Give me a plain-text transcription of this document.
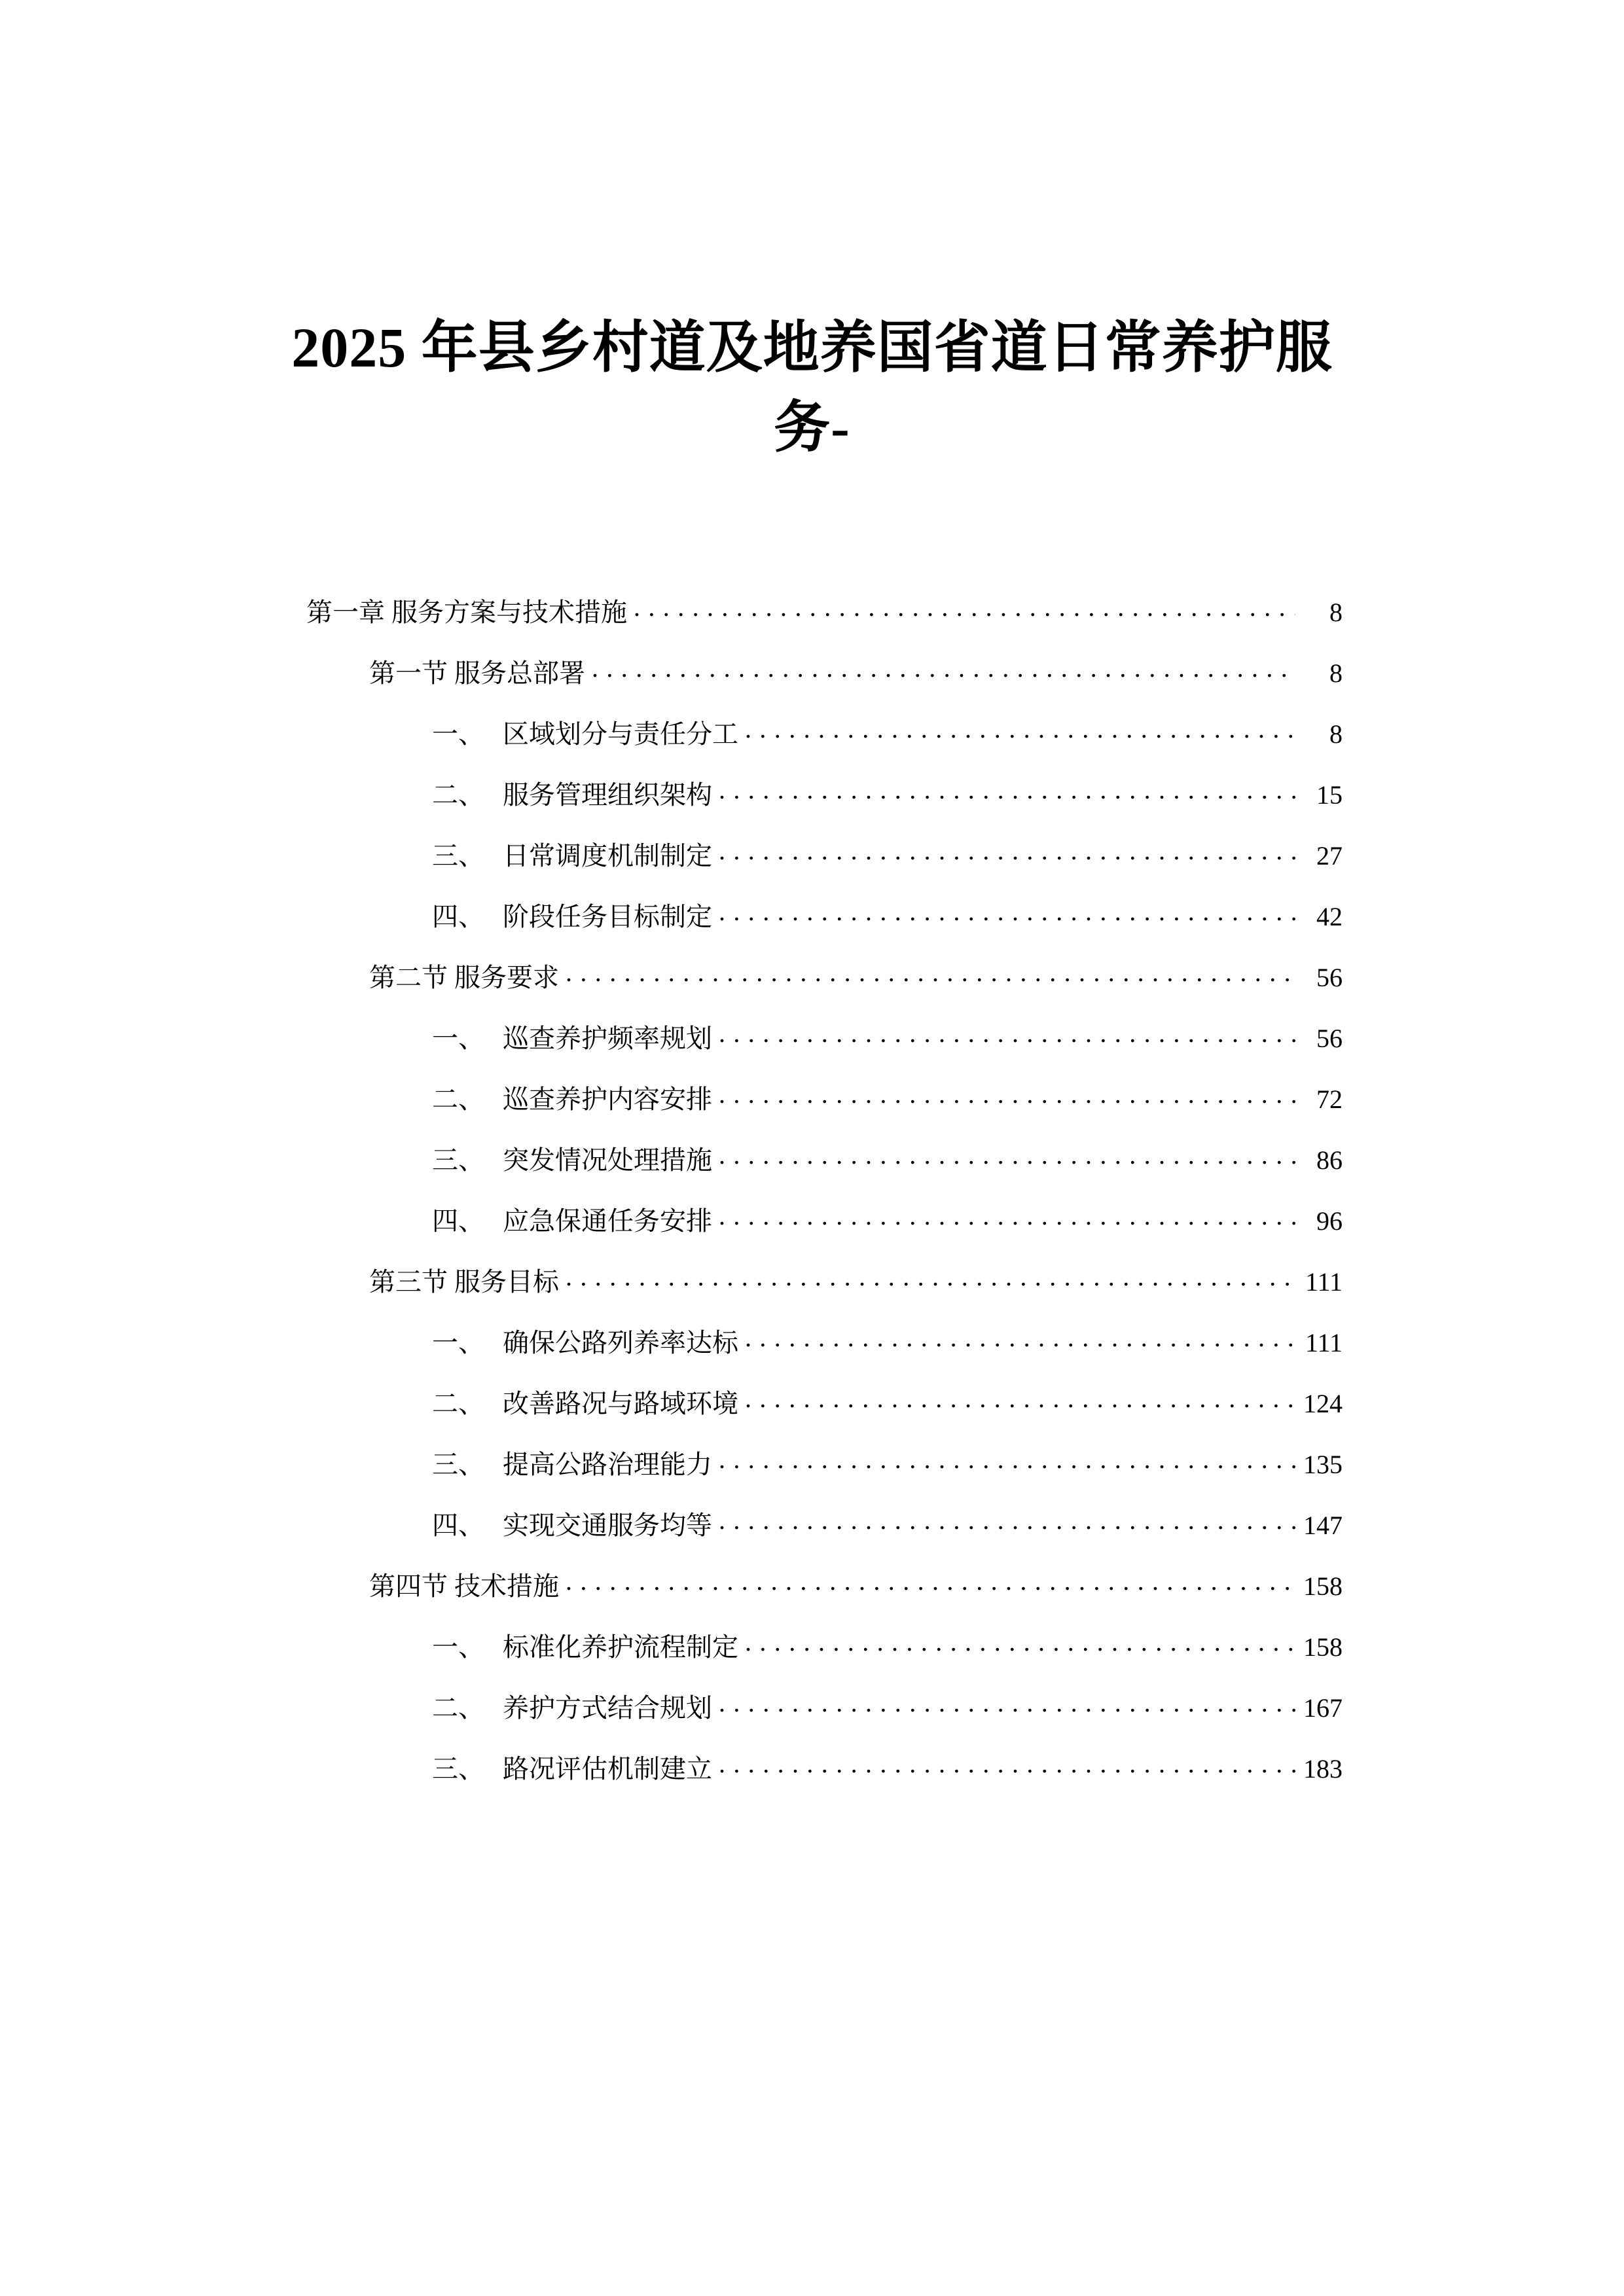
2025 年县乡村道及地养国省道日常养护服
务-
第一章 服务方案与技术措施 . . .	8
第一节 服务总部署 . . .	8
一、 区域划分与责任分工 . . .	8
二、 服务管理组织架构 . . .	15
三、 日常调度机制制定 . . .	27
四、 阶段任务目标制定 . . .	42
第二节 服务要求 . . .	56
一、 巡查养护频率规划 . . .	56
二、 巡查养护内容安排 . . .	72
三、 突发情况处理措施 . . .	86
四、 应急保通任务安排 . . .	96
第三节 服务目标 . . .	111
一、 确保公路列养率达标 . . .	111
二、 改善路况与路域环境 . . .	124
三、 提高公路治理能力 . . .	135
四、 实现交通服务均等 . . .	147
第四节 技术措施 . . .	158
一、 标准化养护流程制定 . . .	158
二、 养护方式结合规划 . . .	167
三、 路况评估机制建立 . . .	183
